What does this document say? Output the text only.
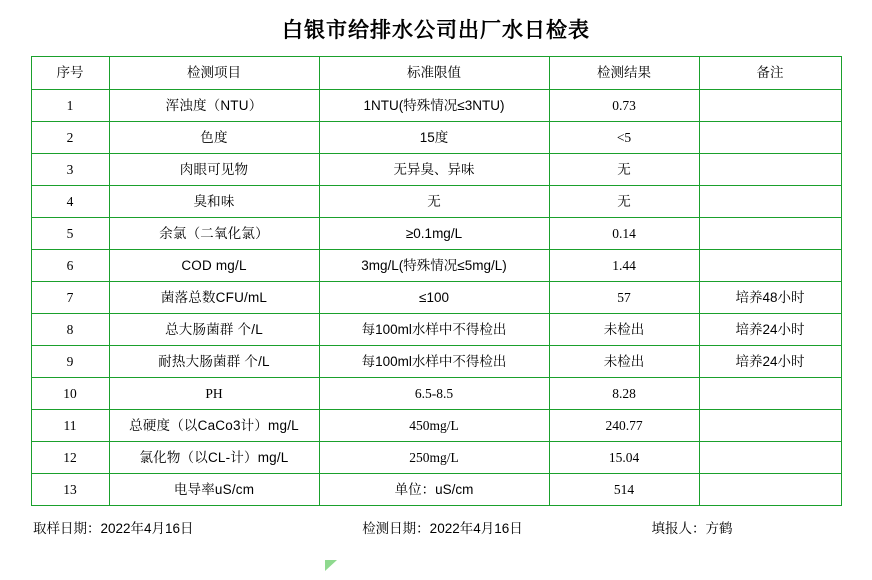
白银市给排水公司出厂水日检表
序号	检测项目	标准限值	检测结果	备注
1	浑浊度（NTU）	1NTU(特殊情况≤3NTU)	0.73	
2	色度	15度	<5	
3	肉眼可见物	无异臭、异味	无	
4	臭和味	无	无	
5	余氯（二氧化氯）	≥0.1mg/L	0.14	
6	COD mg/L	3mg/L(特殊情况≤5mg/L)	1.44	
7	菌落总数CFU/mL	≤100	57	培养48小时
8	总大肠菌群 个/L	每100ml水样中不得检出	未检出	培养24小时
9	耐热大肠菌群 个/L	每100ml水样中不得检出	未检出	培养24小时
10	PH	6.5-8.5	8.28	
11	总硬度（以CaCo3计）mg/L	450mg/L	240.77	
12	氯化物（以CL-计）mg/L	250mg/L	15.04	
13	电导率uS/cm	单位：uS/cm	514	
取样日期：2022年4月16日	检测日期：2022年4月16日	填报人：方鹤
